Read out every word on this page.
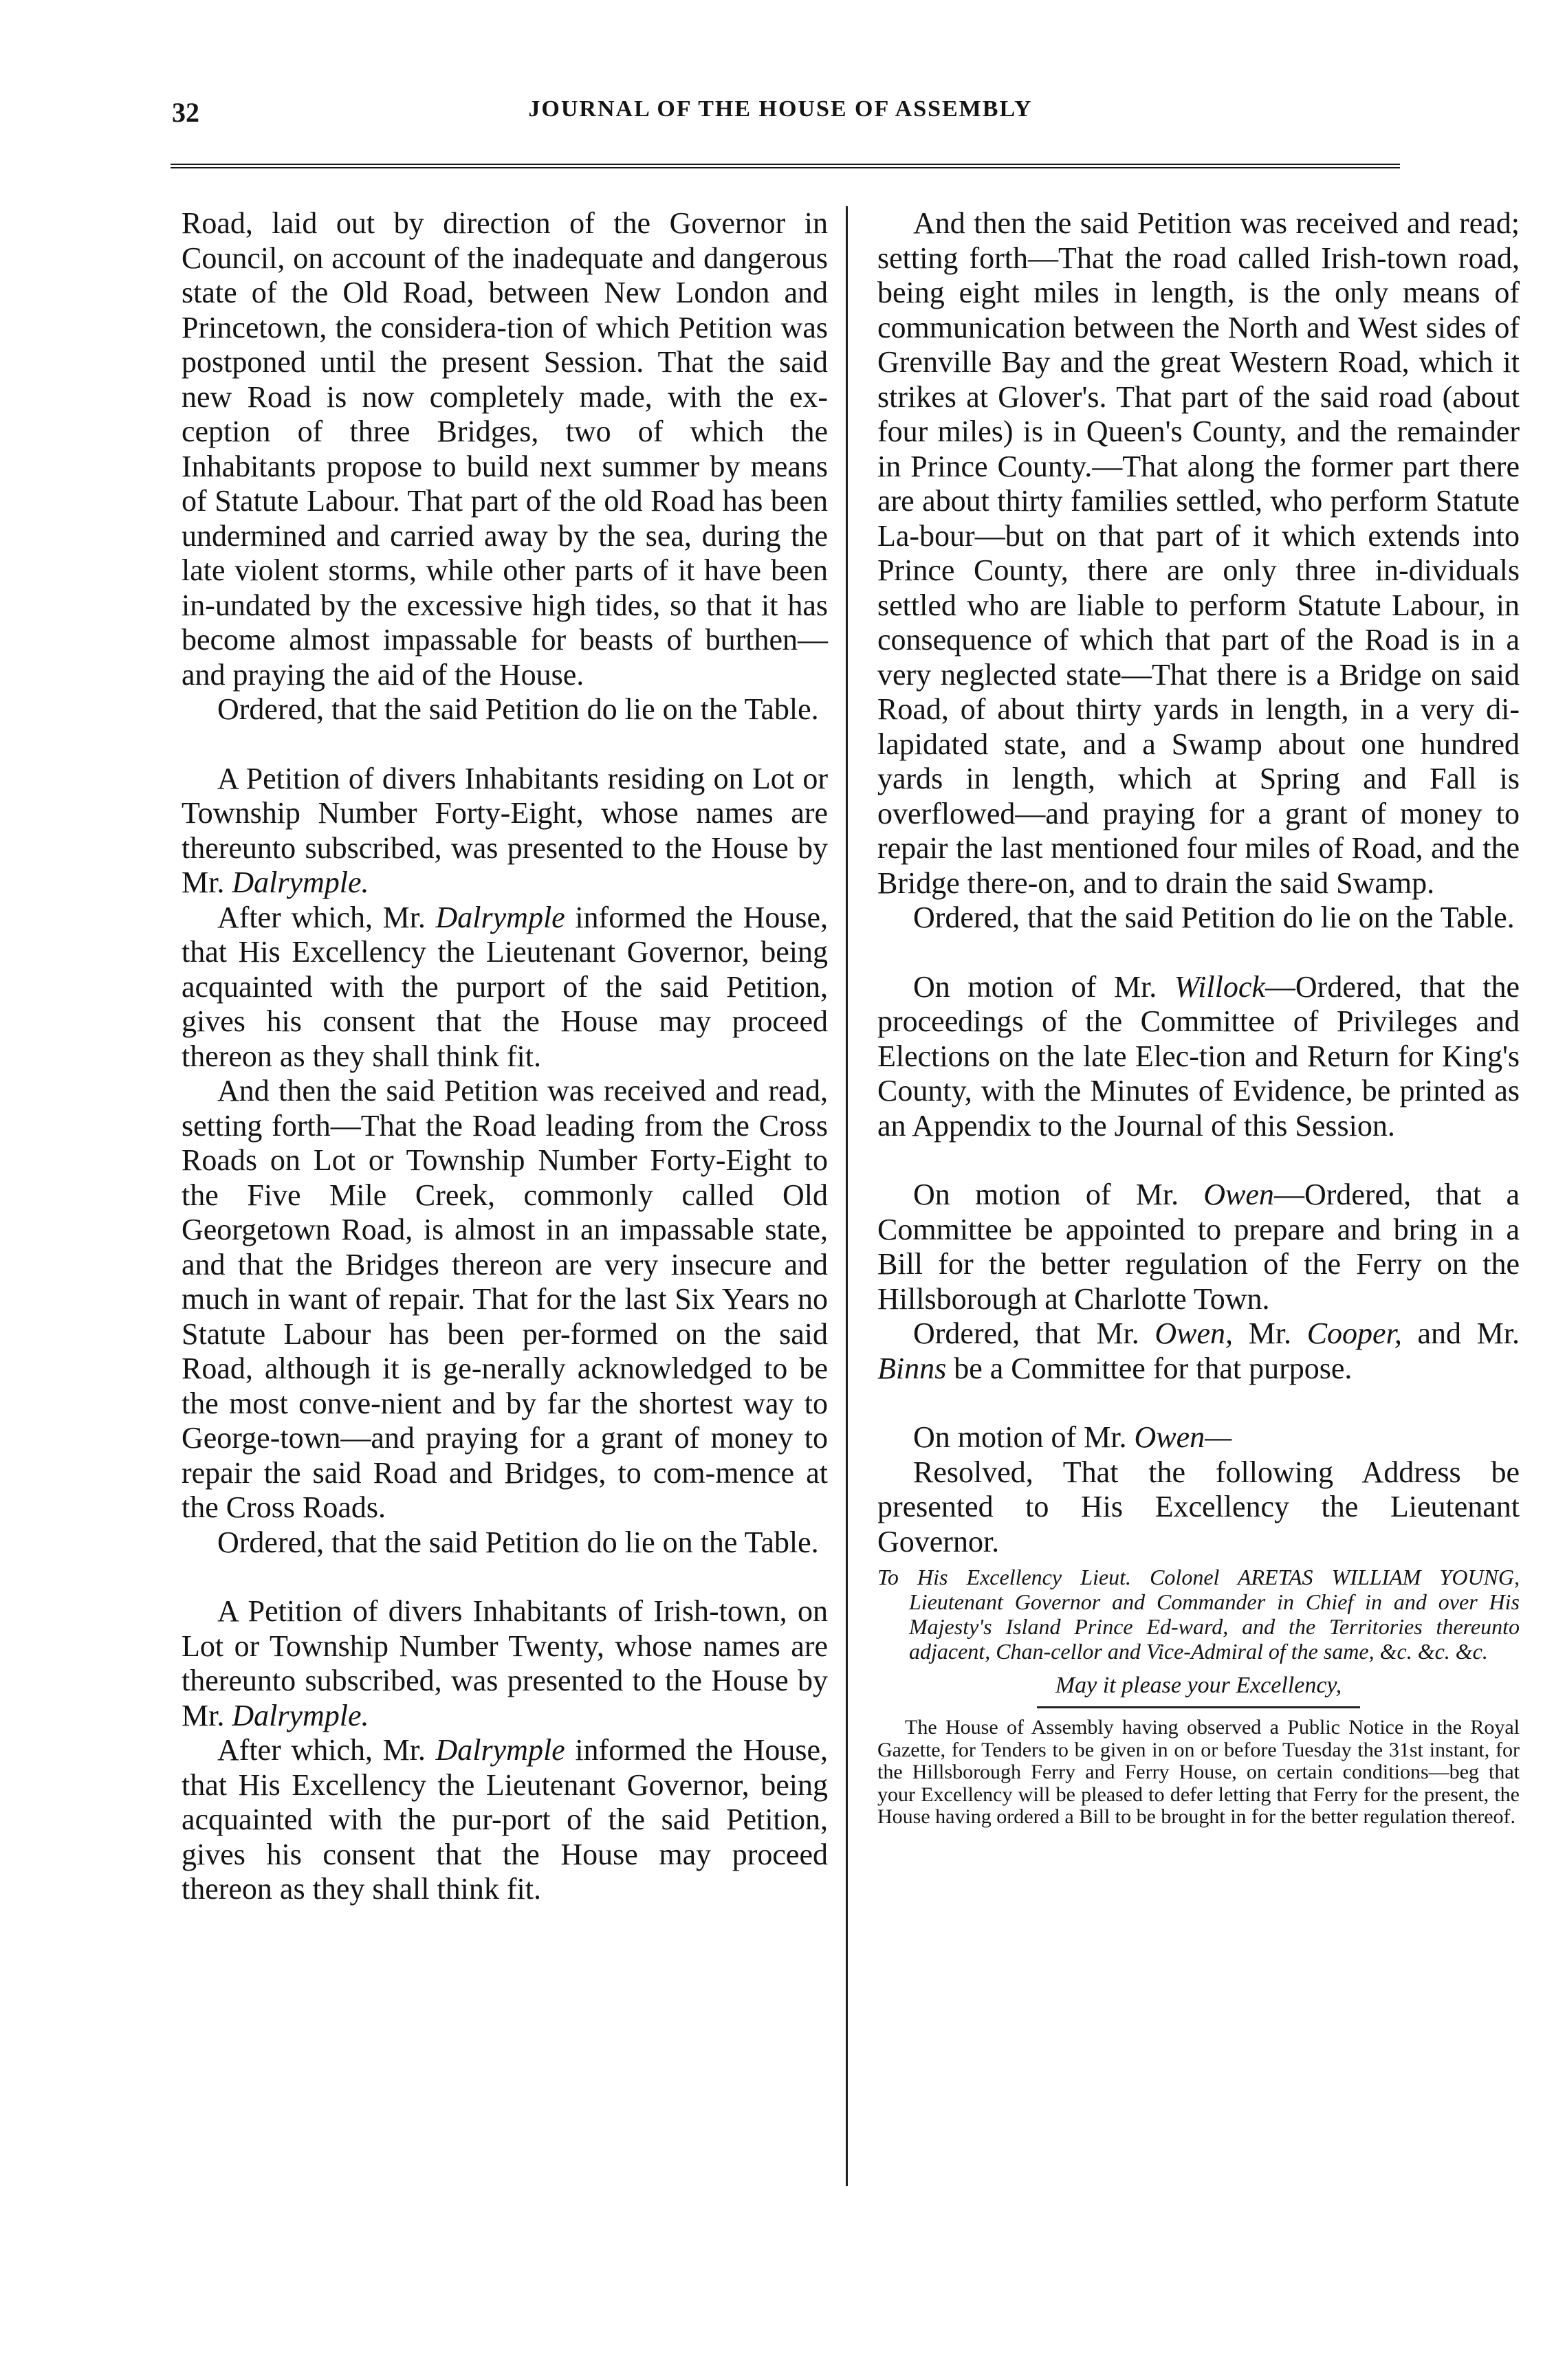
32	JOURNAL OF THE HOUSE OF ASSEMBLY

Road, laid out by direction of the Governor in Council, on account of the inadequate and dangerous state of the Old Road, between New London and Princetown, the considera-tion of which Petition was postponed until the present Session. That the said new Road is now completely made, with the ex-ception of three Bridges, two of which the Inhabitants propose to build next summer by means of Statute Labour. That part of the old Road has been undermined and carried away by the sea, during the late violent storms, while other parts of it have been in-undated by the excessive high tides, so that it has become almost impassable for beasts of burthen—and praying the aid of the House.

Ordered, that the said Petition do lie on the Table.

A Petition of divers Inhabitants residing on Lot or Township Number Forty-Eight, whose names are thereunto subscribed, was presented to the House by Mr. Dalrymple.

After which, Mr. Dalrymple informed the House, that His Excellency the Lieutenant Governor, being acquainted with the purport of the said Petition, gives his consent that the House may proceed thereon as they shall think fit.

And then the said Petition was received and read, setting forth—That the Road leading from the Cross Roads on Lot or Township Number Forty-Eight to the Five Mile Creek, commonly called Old Georgetown Road, is almost in an impassable state, and that the Bridges thereon are very insecure and much in want of repair. That for the last Six Years no Statute Labour has been per-formed on the said Road, although it is ge-nerally acknowledged to be the most conve-nient and by far the shortest way to George-town—and praying for a grant of money to repair the said Road and Bridges, to com-mence at the Cross Roads.

Ordered, that the said Petition do lie on the Table.

A Petition of divers Inhabitants of Irish-town, on Lot or Township Number Twenty, whose names are thereunto subscribed, was presented to the House by Mr. Dalrymple.

After which, Mr. Dalrymple informed the House, that His Excellency the Lieutenant Governor, being acquainted with the pur-port of the said Petition, gives his consent that the House may proceed thereon as they shall think fit.

And then the said Petition was received and read; setting forth—That the road called Irish-town road, being eight miles in length, is the only means of communication between the North and West sides of Grenville Bay and the great Western Road, which it strikes at Glover's. That part of the said road (about four miles) is in Queen's County, and the remainder in Prince County.—That along the former part there are about thirty families settled, who perform Statute La-bour—but on that part of it which extends into Prince County, there are only three in-dividuals settled who are liable to perform Statute Labour, in consequence of which that part of the Road is in a very neglected state—That there is a Bridge on said Road, of about thirty yards in length, in a very di-lapidated state, and a Swamp about one hundred yards in length, which at Spring and Fall is overflowed—and praying for a grant of money to repair the last mentioned four miles of Road, and the Bridge there-on, and to drain the said Swamp.

Ordered, that the said Petition do lie on the Table.

On motion of Mr. Willock—Ordered, that the proceedings of the Committee of Privileges and Elections on the late Elec-tion and Return for King's County, with the Minutes of Evidence, be printed as an Appendix to the Journal of this Session.

On motion of Mr. Owen—Ordered, that a Committee be appointed to prepare and bring in a Bill for the better regulation of the Ferry on the Hillsborough at Charlotte Town.

Ordered, that Mr. Owen, Mr. Cooper, and Mr. Binns be a Committee for that purpose.

On motion of Mr. Owen—

Resolved, That the following Address be presented to His Excellency the Lieutenant Governor.

To His Excellency Lieut. Colonel ARETAS WILLIAM YOUNG, Lieutenant Governor and Commander in Chief in and over His Majesty's Island Prince Ed-ward, and the Territories thereunto adjacent, Chan-cellor and Vice-Admiral of the same, &c. &c. &c.
May it please your Excellency,

The House of Assembly having observed a Public Notice in the Royal Gazette, for Tenders to be given in on or before Tuesday the 31st instant, for the Hillsborough Ferry and Ferry House, on certain conditions—beg that your Excellency will be pleased to defer letting that Ferry for the present, the House having ordered a Bill to be brought in for the better regulation thereof.
